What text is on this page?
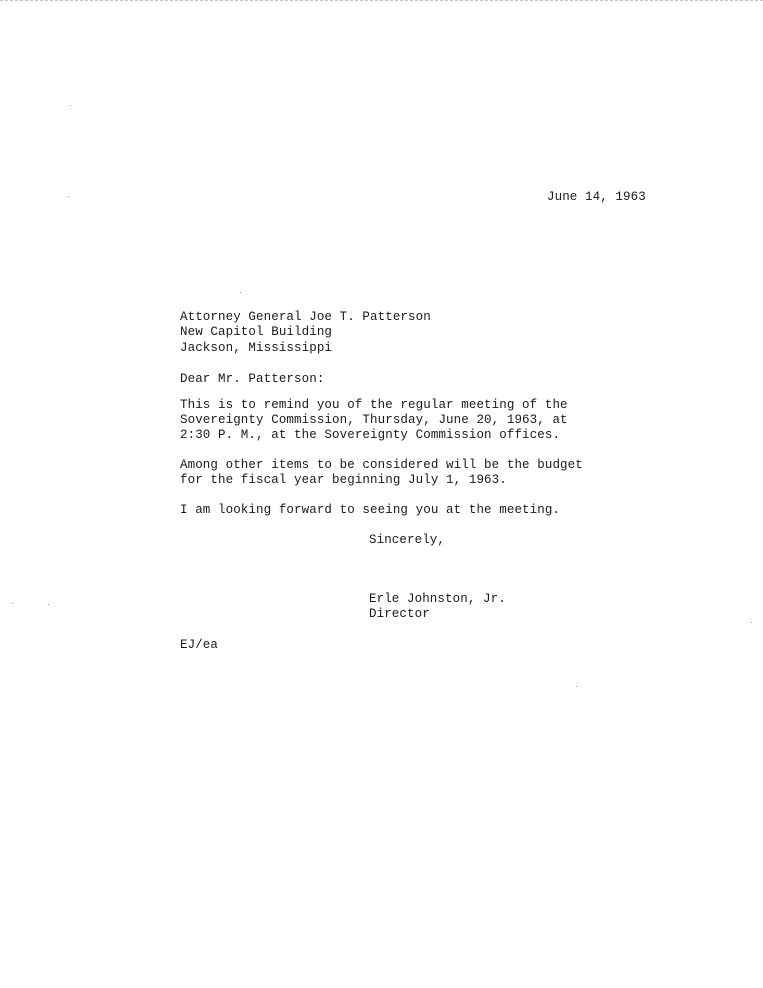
June 14, 1963
Attorney General Joe T. Patterson
New Capitol Building
Jackson, Mississippi
Dear Mr. Patterson:
This is to remind you of the regular meeting of the
Sovereignty Commission, Thursday, June 20, 1963, at
2:30 P. M., at the Sovereignty Commission offices.
Among other items to be considered will be the budget
for the fiscal year beginning July 1, 1963.
I am looking forward to seeing you at the meeting.
Sincerely,
Erle Johnston, Jr.
Director
EJ/ea
